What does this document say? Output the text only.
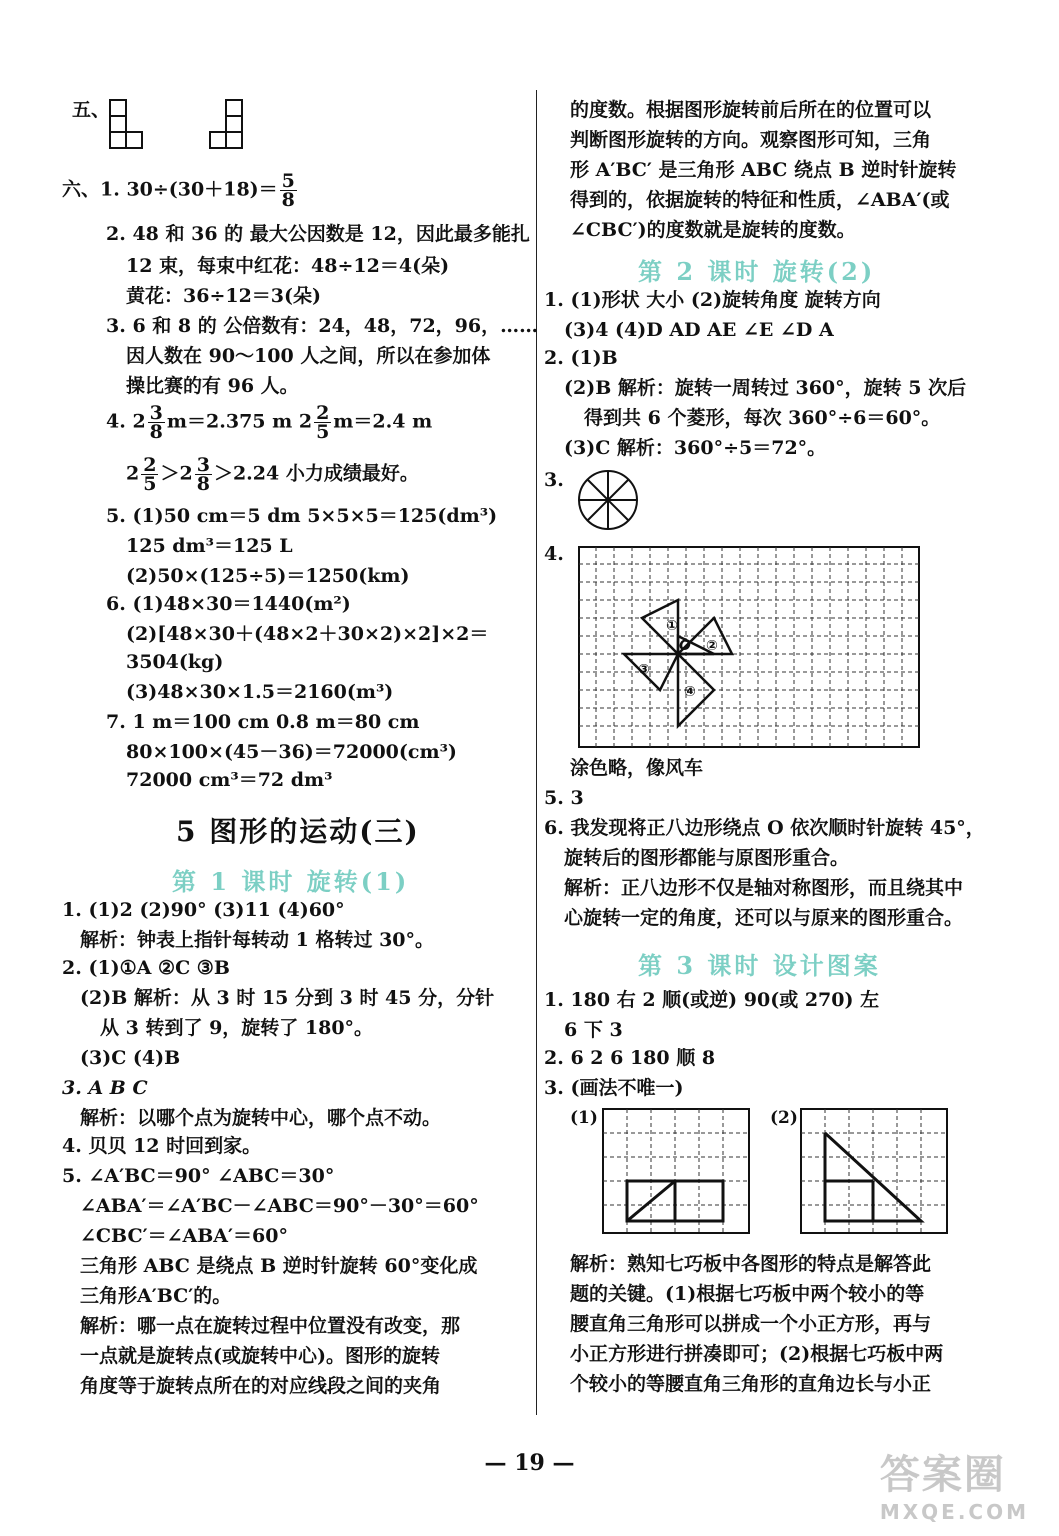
五、
六、1. $30\div(30+18)= \frac{5}{8}$
2. 48 和 36 的 最大公因数是 12，因此最多能扎
12 束，每束中红花：48÷12＝4(朵)
黄花：36÷12＝3(朵)
3. 6 和 8 的 公倍数有：24，48，72，96，……
因人数在 90～100 人之间，所以在参加体
操比赛的有 96 人。
4. $2 \frac{3}{8} m=2.375$ m $2 \frac{2}{5} m=2.4$ m
$2 \frac{2}{5} >2 \frac{3}{8} >2.24$ 小力成绩最好。
5. (1)50 cm＝5 dm 5×5×5＝125(dm³)
125 dm³＝125 L
(2)50×(125÷5)＝1250(km)
6. (1)48×30＝1440(m²)
(2)[48×30＋(48×2＋30×2)×2]×2＝
3504(kg)
(3)48×30×1.5＝2160(m³)
7. 1 m＝100 cm 0.8 m＝80 cm
80×100×(45－36)＝72000(cm³)
72000 cm³＝72 dm³
5 图形的运动(三)
第 1 课时 旋转(1)
1. (1)2 (2)90° (3)11 (4)60°
解析：钟表上指针每转动 1 格转过 30°。
2. (1)①A ②C ③B
(2)B 解析：从 3 时 15 分到 3 时 45 分，分针
从 3 转到了 9，旋转了 180°。
(3)C (4)B
3. A B C
解析：以哪个点为旋转中心，哪个点不动。
4. 贝贝 12 时回到家。
5. ∠A′BC＝90° ∠ABC＝30°
∠ABA′＝∠A′BC－∠ABC＝90°－30°＝60°
∠CBC′＝∠ABA′＝60°
三角形 ABC 是绕点 B 逆时针旋转 60°变化成
三角形A′BC′的。
解析：哪一点在旋转过程中位置没有改变，那
一点就是旋转点(或旋转中心)。图形的旋转
角度等于旋转点所在的对应线段之间的夹角
的度数。根据图形旋转前后所在的位置可以
判断图形旋转的方向。观察图形可知，三角
形 A′BC′ 是三角形 ABC 绕点 B 逆时针旋转
得到的，依据旋转的特征和性质，∠ABA′(或
∠CBC′)的度数就是旋转的度数。
第 2 课时 旋转(2)
1. (1)形状 大小 (2)旋转角度 旋转方向
(3)4 (4)D AD AE ∠E ∠D A
2. (1)B
(2)B 解析：旋转一周转过 360°，旋转 5 次后
得到共 6 个菱形，每次 360°÷6＝60°。
(3)C 解析：360°÷5＝72°。
3.
4.
①
O ②
③
④
涂色略，像风车
5. 3
6. 我发现将正八边形绕点 O 依次顺时针旋转 45°，
旋转后的图形都能与原图形重合。
解析：正八边形不仅是轴对称图形，而且绕其中
心旋转一定的角度，还可以与原来的图形重合。
第 3 课时 设计图案
1. 180 右 2 顺(或逆) 90(或 270) 左
6 下 3
2. 6 2 6 180 顺 8
3. (画法不唯一)
(1)	(2)
解析：熟知七巧板中各图形的特点是解答此
题的关键。(1)根据七巧板中两个较小的等
腰直角三角形可以拼成一个小正方形，再与
小正方形进行拼凑即可；(2)根据七巧板中两
个较小的等腰直角三角形的直角边长与小正
— 19 —	答案圈
MXQE.COM
